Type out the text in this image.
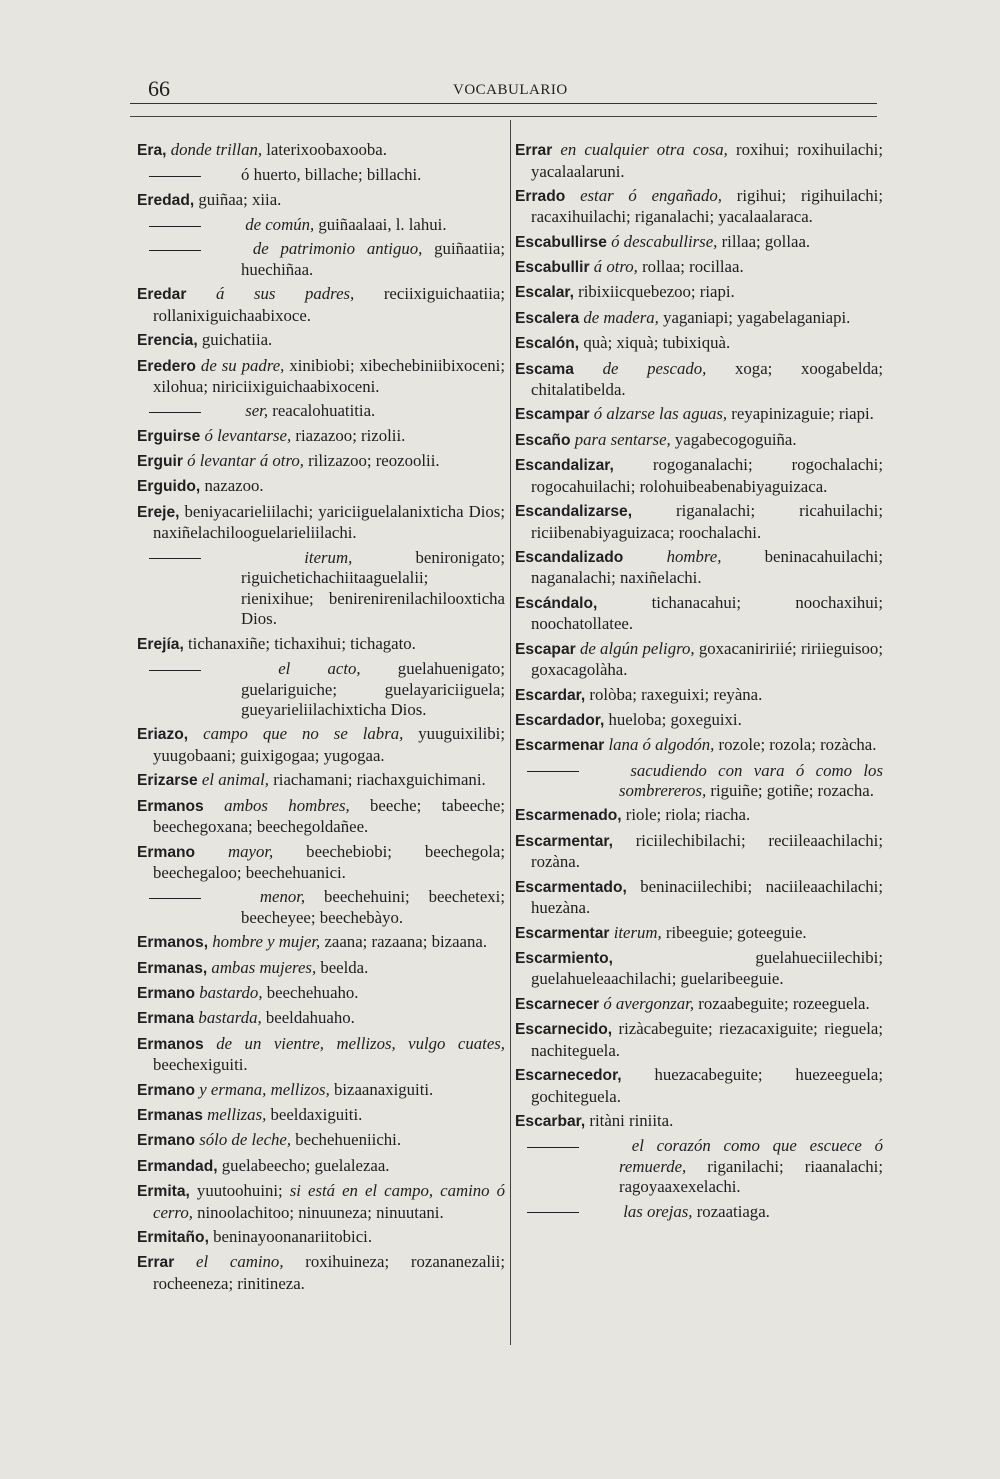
66	VOCABULARIO

Era, donde trillan, laterixoobaxooba.

ó huerto, billache; billachi.

Eredad, guiñaa; xiia.

de común, guiñaalaai, l. lahui.

de patrimonio antiguo, guiñaatiia; huechiñaa.

Eredar á sus padres, reciixiguichaatiia; rollanixiguichaabixoce.

Erencia, guichatiia.

Eredero de su padre, xinibiobi; xibechebiniibixoceni; xilohua; niriciixiguichaabixoceni.

ser, reacalohuatitia.

Erguirse ó levantarse, riazazoo; rizolii.

Erguir ó levantar á otro, rilizazoo; reozoolii.

Erguido, nazazoo.

Ereje, beniyacarieliilachi; yariciiguelalanixticha Dios; naxiñelachilooguelarieliilachi.

iterum, benironigato; riguichetichachiitaaguelalii; rienixihue; benirenirenilachilooxticha Dios.

Erejía, tichanaxiñe; tichaxihui; tichagato.

el acto, guelahuenigato; guelariguiche; guelayariciiguela; gueyarieliilachixticha Dios.

Eriazo, campo que no se labra, yuuguixilibi; yuugobaani; guixigogaa; yugogaa.

Erizarse el animal, riachamani; riachaxguichimani.

Ermanos ambos hombres, beeche; tabeeche; beechegoxana; beechegoldañee.

Ermano mayor, beechebiobi; beechegola; beechegaloo; beechehuanici.

menor, beechehuini; beechetexi; beecheyee; beechebàyo.

Ermanos, hombre y mujer, zaana; razaana; bizaana.

Ermanas, ambas mujeres, beelda.

Ermano bastardo, beechehuaho.

Ermana bastarda, beeldahuaho.

Ermanos de un vientre, mellizos, vulgo cuates, beechexiguiti.

Ermano y ermana, mellizos, bizaanaxiguiti.

Ermanas mellizas, beeldaxiguiti.

Ermano sólo de leche, bechehueniichi.

Ermandad, guelabeecho; guelalezaa.

Ermita, yuutoohuini; si está en el campo, camino ó cerro, ninoolachitoo; ninuuneza; ninuutani.

Ermitaño, beninayoonanariitobici.

Errar el camino, roxihuineza; rozananezalii; rocheeneza; rinitineza.

Errar en cualquier otra cosa, roxihui; roxihuilachi; yacalaalaruni.

Errado estar ó engañado, rigihui; rigihuilachi; racaxihuilachi; riganalachi; yacalaalaraca.

Escabullirse ó descabullirse, rillaa; gollaa.

Escabullir á otro, rollaa; rocillaa.

Escalar, ribixiicquebezoo; riapi.

Escalera de madera, yaganiapi; yagabelaganiapi.

Escalón, quà; xiquà; tubixiquà.

Escama de pescado, xoga; xoogabelda; chitalatibelda.

Escampar ó alzarse las aguas, reyapinizaguie; riapi.

Escaño para sentarse, yagabecogoguiña.

Escandalizar, rogoganalachi; rogochalachi; rogocahuilachi; rolohuibeabenabiyaguizaca.

Escandalizarse, riganalachi; ricahuilachi; riciibenabiyaguizaca; roochalachi.

Escandalizado	hombre, beninacahuilachi; naganalachi; naxiñelachi.

Escándalo, tichanacahui; noochaxihui; noochatollatee.

Escapar de algún peligro, goxacaniririié; ririieguisoo; goxacagolàha.

Escardar, rolòba; raxeguixi; reyàna.

Escardador, hueloba; goxeguixi.

Escarmenar lana ó algodón, rozole; rozola; rozàcha.

sacudiendo con vara ó como los sombrereros, riguiñe; gotiñe; rozacha.

Escarmenado, riole; riola; riacha.

Escarmentar, riciilechibilachi; reciileaachilachi; rozàna.

Escarmentado, beninaciilechibi; naciileaachilachi; huezàna.

Escarmentar iterum, ribeeguie; goteeguie.

Escarmiento, guelahueciilechibi; guelahueleaachilachi; guelaribeeguie.

Escarnecer ó avergonzar, rozaabeguite; rozeeguela.

Escarnecido, rizàcabeguite; riezacaxiguite; rieguela; nachiteguela.

Escarnecedor, huezacabeguite; huezeeguela; gochiteguela.

Escarbar, ritàni riniita.

el corazón como que escuece ó remuerde, riganilachi; riaanalachi; ragoyaaxexelachi.

las orejas, rozaatiaga.
